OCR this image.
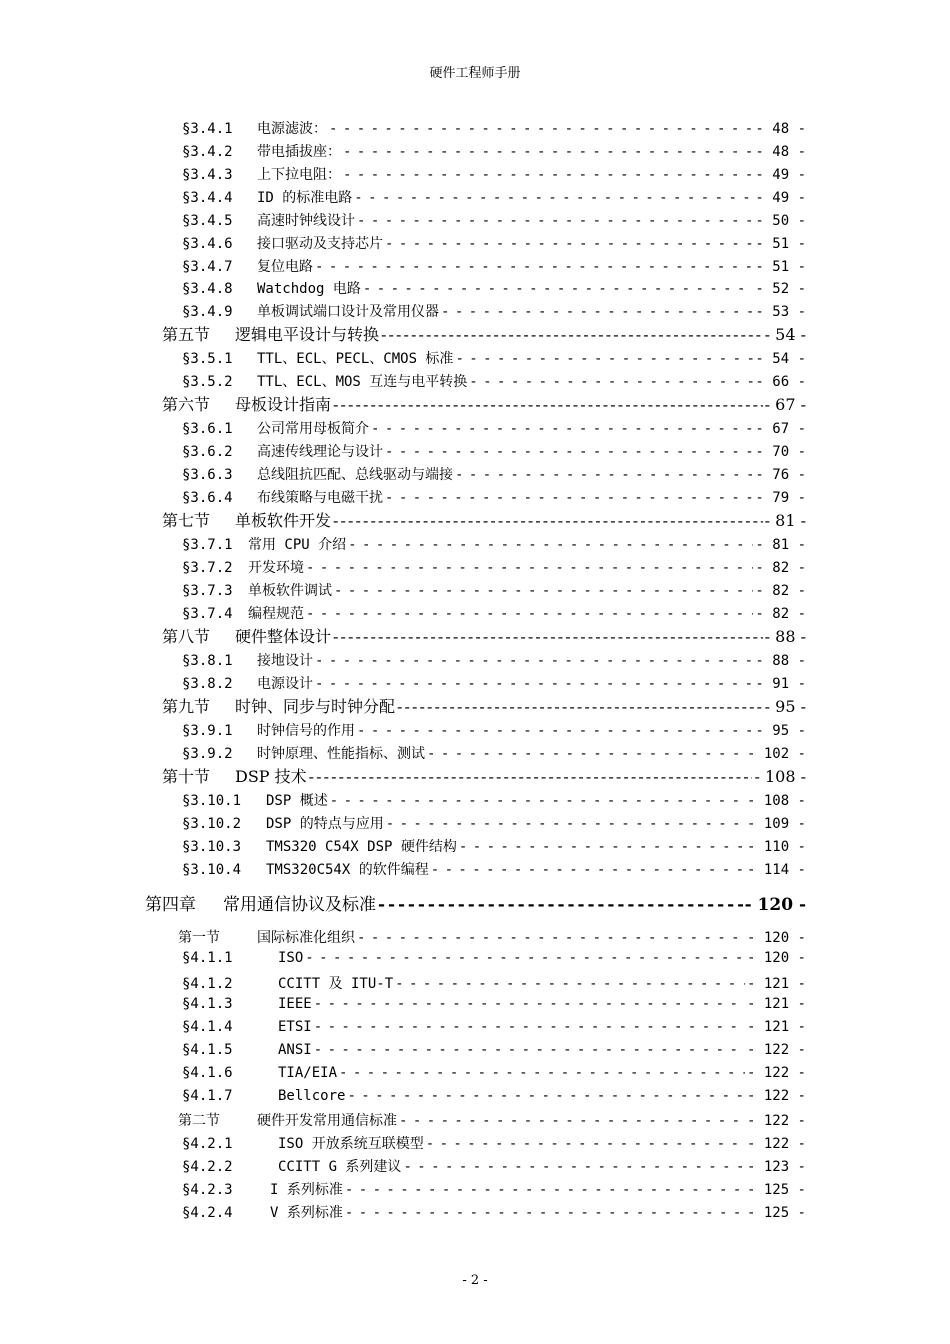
硬件工程师手册
§3.4.1	电源滤波： - - -	- 48 -
§3.4.2	带电插拔座： - - -	- 48 -
§3.4.3	上下拉电阻： - - -	- 49 -
§3.4.4	ID 的标准电路 - - -	- 49 -
§3.4.5	高速时钟线设计 - - -	- 50 -
§3.4.6	接口驱动及支持芯片 - - -	- 51 -
§3.4.7	复位电路 - - -	- 51 -
§3.4.8	Watchdog 电路 - - -	- 52 -
§3.4.9	单板调试端口设计及常用仪器 - - -	- 53 -
第五节	逻辑电平设计与转换 - - -	- 54 -
§3.5.1	TTL、ECL、PECL、CMOS 标准 - - -	- 54 -
§3.5.2	TTL、ECL、MOS 互连与电平转换 - - -	- 66 -
第六节	母板设计指南 - - -	- 67 -
§3.6.1	公司常用母板简介 - - -	- 67 -
§3.6.2	高速传线理论与设计 - - -	- 70 -
§3.6.3	总线阻抗匹配、总线驱动与端接 - - -	- 76 -
§3.6.4	布线策略与电磁干扰 - - -	- 79 -
第七节	单板软件开发 - - -	- 81 -
§3.7.1	常用 CPU 介绍 - - -	- 81 -
§3.7.2	开发环境 - - -	- 82 -
§3.7.3	单板软件调试 - - -	- 82 -
§3.7.4	编程规范 - - -	- 82 -
第八节	硬件整体设计 - - -	- 88 -
§3.8.1	接地设计 - - -	- 88 -
§3.8.2	电源设计 - - -	- 91 -
第九节	时钟、同步与时钟分配 - - -	- 95 -
§3.9.1	时钟信号的作用 - - -	- 95 -
§3.9.2	时钟原理、性能指标、测试 - - -	- 102 -
第十节	DSP 技术 - - -	- 108 -
§3.10.1	DSP 概述 - - -	- 108 -
§3.10.2	DSP 的特点与应用 - - -	- 109 -
§3.10.3	TMS320 C54X DSP 硬件结构 - - -	- 110 -
§3.10.4	TMS320C54X 的软件编程 - - -	- 114 -
第四章	常用通信协议及标准 - - -	- 120 -
第一节	国际标准化组织 - - -	- 120 -
§4.1.1	ISO - - -	- 120 -
§4.1.2	CCITT 及 ITU-T - - -	- 121 -
§4.1.3	IEEE - - -	- 121 -
§4.1.4	ETSI - - -	- 121 -
§4.1.5	ANSI - - -	- 122 -
§4.1.6	TIA/EIA - - -	- 122 -
§4.1.7	Bellcore - - -	- 122 -
第二节	硬件开发常用通信标准 - - -	- 122 -
§4.2.1	ISO 开放系统互联模型 - - -	- 122 -
§4.2.2	CCITT G 系列建议 - - -	- 123 -
§4.2.3	I 系列标准 - - -	- 125 -
§4.2.4	V 系列标准 - - -	- 125 -
- 2 -
